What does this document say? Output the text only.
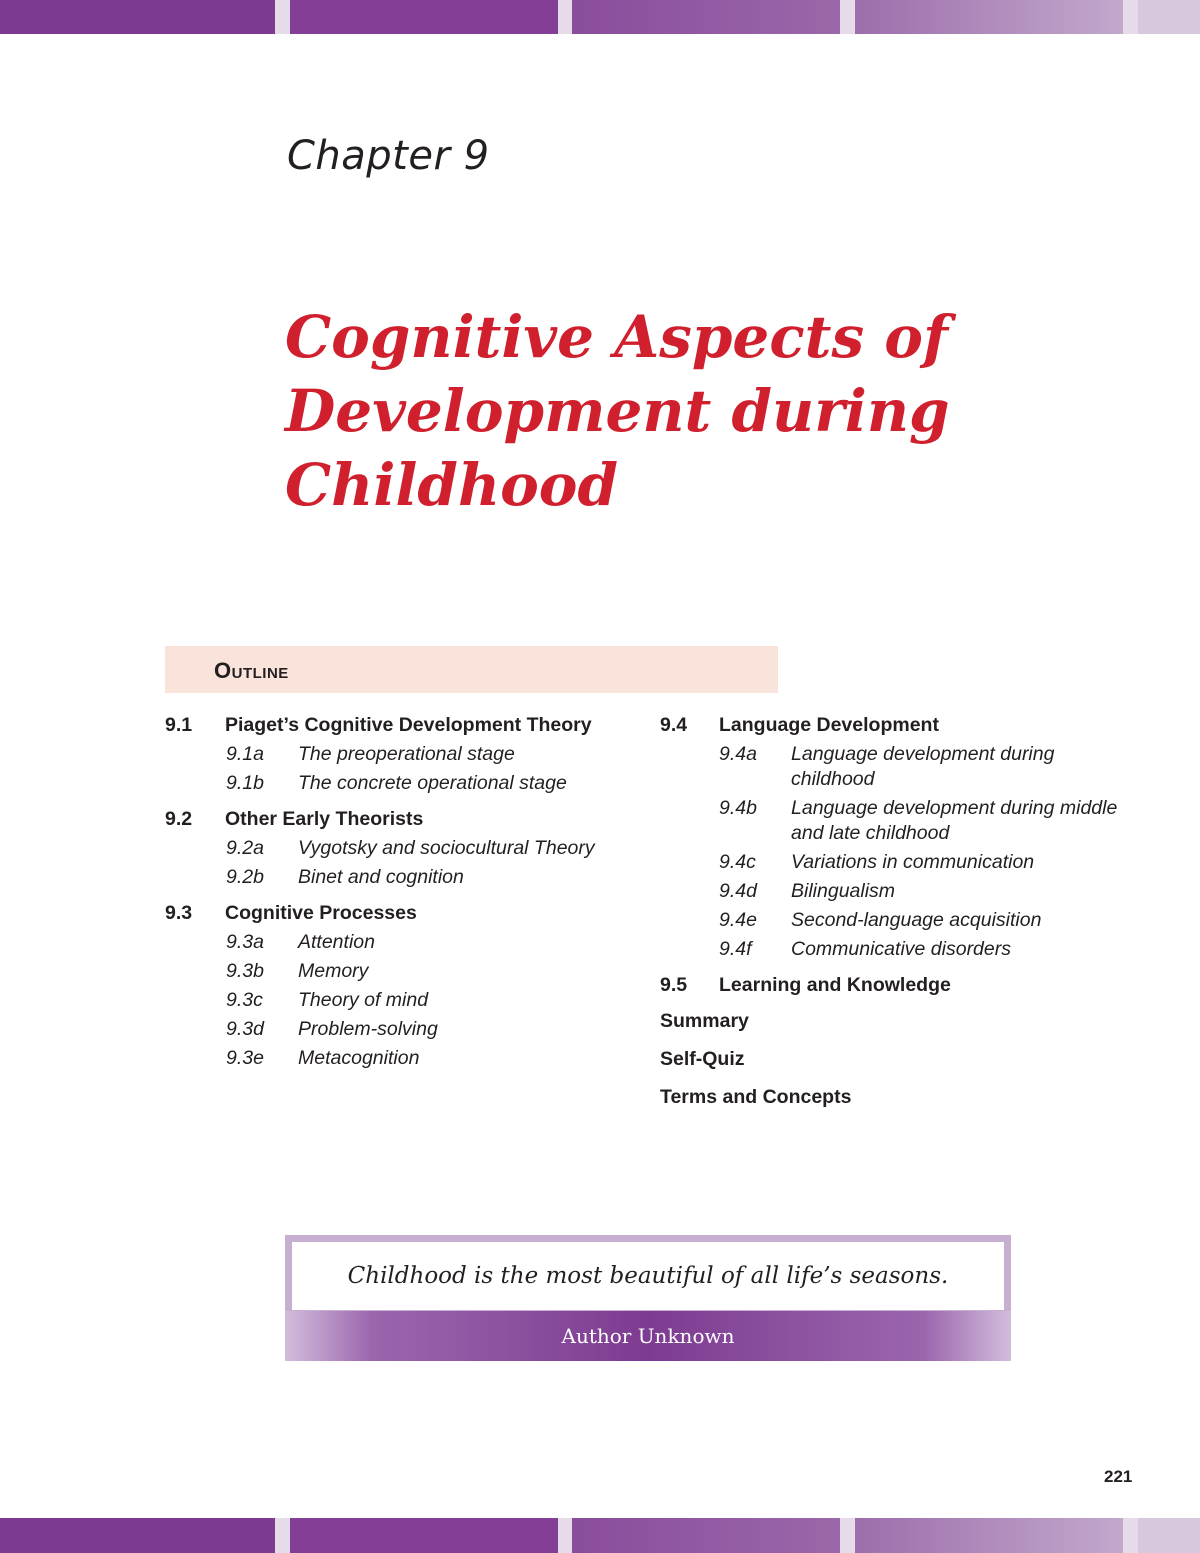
Chapter 9
Cognitive Aspects of
Development during
Childhood
Outline
9.1 Piaget’s Cognitive Development Theory
9.1a The preoperational stage
9.1b The concrete operational stage
9.2 Other Early Theorists
9.2a Vygotsky and sociocultural Theory
9.2b Binet and cognition
9.3 Cognitive Processes
9.3a Attention
9.3b Memory
9.3c Theory of mind
9.3d Problem-solving
9.3e Metacognition
9.4 Language Development
9.4a Language development during childhood
9.4b Language development during middle and late childhood
9.4c Variations in communication
9.4d Bilingualism
9.4e Second-language acquisition
9.4f Communicative disorders
9.5 Learning and Knowledge
Summary
Self-Quiz
Terms and Concepts
Childhood is the most beautiful of all life’s seasons.
Author Unknown
221
